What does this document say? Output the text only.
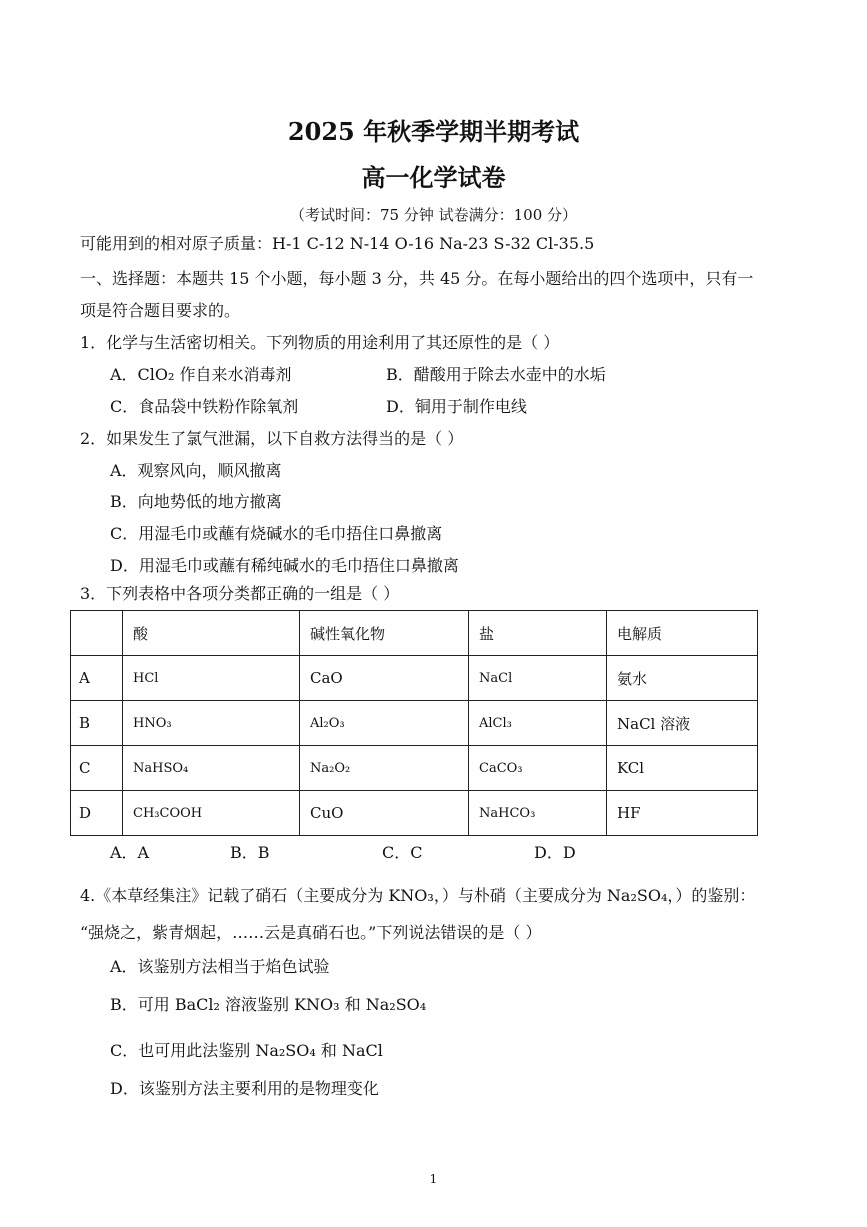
2025 年秋季学期半期考试
高一化学试卷
（考试时间：75 分钟 试卷满分：100 分）
可能用到的相对原子质量：H-1 C-12 N-14 O-16 Na-23 S-32 Cl-35.5
一、选择题：本题共 15 个小题，每小题 3 分，共 45 分。在每小题给出的四个选项中，只有一
项是符合题目要求的。
1．化学与生活密切相关。下列物质的用途利用了其还原性的是（ ）
A．ClO₂ 作自来水消毒剂	B．醋酸用于除去水壶中的水垢
C．食品袋中铁粉作除氧剂	D．铜用于制作电线
2．如果发生了氯气泄漏，以下自救方法得当的是（ ）
A．观察风向，顺风撤离
B．向地势低的地方撤离
C．用湿毛巾或蘸有烧碱水的毛巾捂住口鼻撤离
D．用湿毛巾或蘸有稀纯碱水的毛巾捂住口鼻撤离
3．下列表格中各项分类都正确的一组是（ ）
	酸	碱性氧化物	盐	电解质
A	HCl	CaO	NaCl	氨水
B	HNO₃	Al₂O₃	AlCl₃	NaCl 溶液
C	NaHSO₄	Na₂O₂	CaCO₃	KCl
D	CH₃COOH	CuO	NaHCO₃	HF
A．A	B．B	C．C	D．D
4.《本草经集注》记载了硝石（主要成分为 KNO₃，）与朴硝（主要成分为 Na₂SO₄，）的鉴别：
“强烧之，紫青烟起，……云是真硝石也。”下列说法错误的是（ ）
A．该鉴别方法相当于焰色试验
B．可用 BaCl₂ 溶液鉴别 KNO₃ 和 Na₂SO₄
C．也可用此法鉴别 Na₂SO₄ 和 NaCl
D．该鉴别方法主要利用的是物理变化
1
